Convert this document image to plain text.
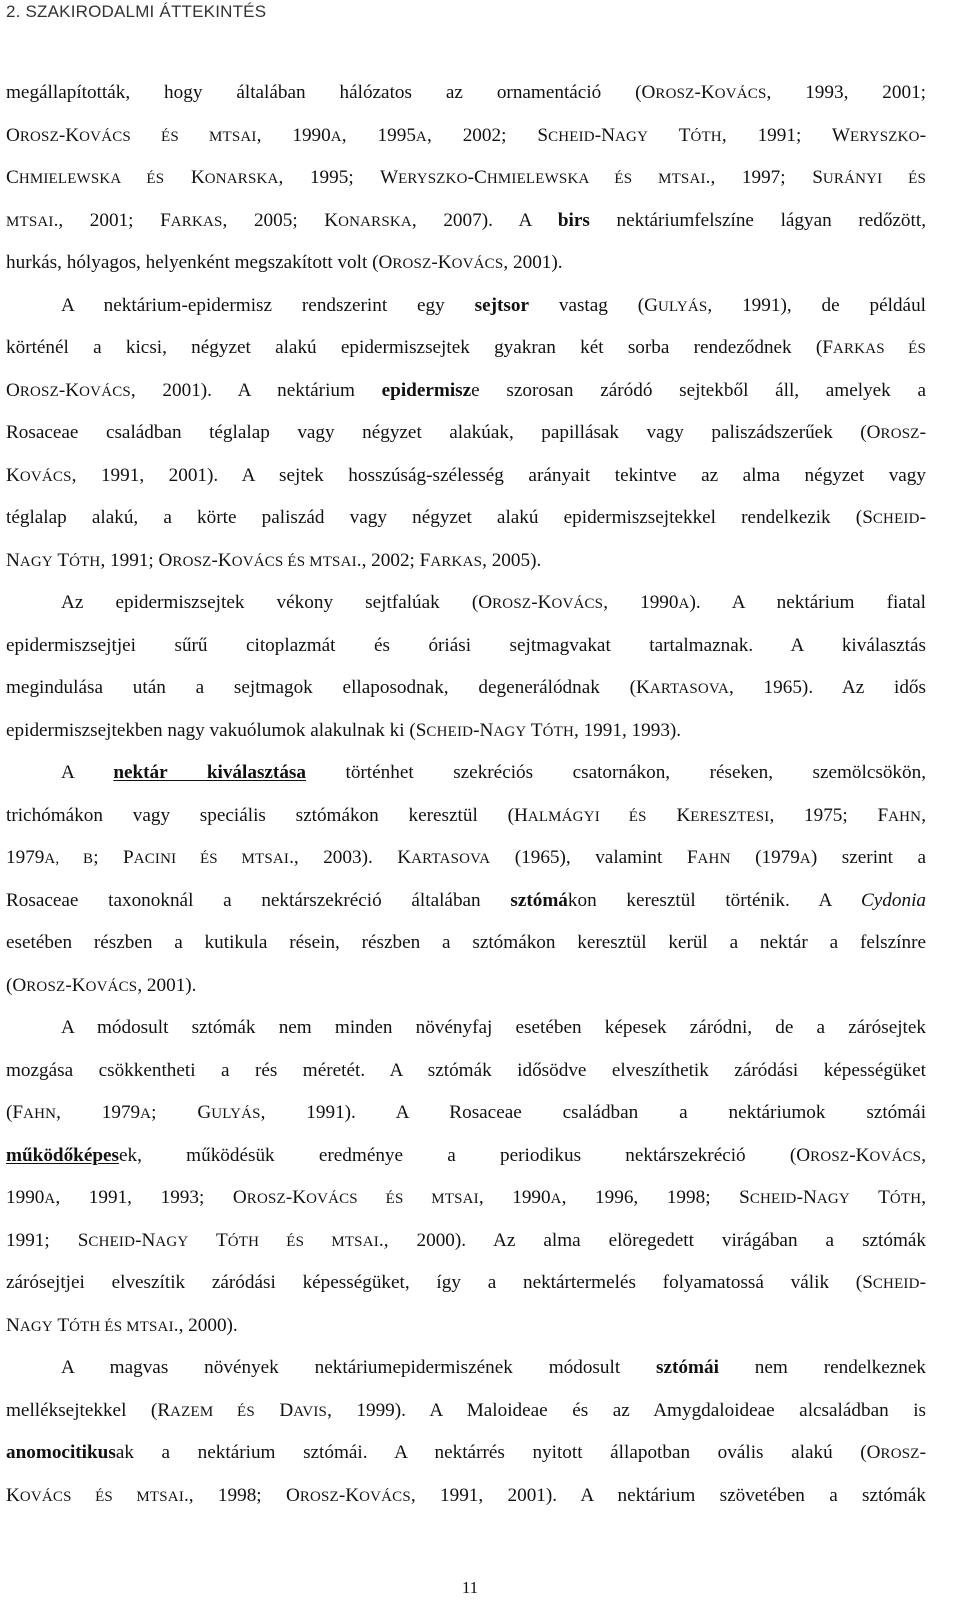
2. SZAKIRODALMI ÁTTEKINTÉS
megállapították, hogy általában hálózatos az ornamentáció (OROSZ-KOVÁCS, 1993, 2001;
OROSZ-KOVÁCS ÉS MTSAI, 1990A, 1995A, 2002; SCHEID-NAGY TÓTH, 1991; WERYSZKO-
CHMIELEWSKA ÉS KONARSKA, 1995; WERYSZKO-CHMIELEWSKA ÉS MTSAI., 1997; SURÁNYI ÉS
MTSAI., 2001; FARKAS, 2005; KONARSKA, 2007). A birs nektáriumfelszíne lágyan redőzött,
hurkás, hólyagos, helyenként megszakított volt (OROSZ-KOVÁCS, 2001).
A nektárium-epidermisz rendszerint egy sejtsor vastag (GULYÁS, 1991), de például
körténél a kicsi, négyzet alakú epidermiszsejtek gyakran két sorba rendeződnek (FARKAS ÉS
OROSZ-KOVÁCS, 2001). A nektárium epidermisze szorosan záródó sejtekből áll, amelyek a
Rosaceae családban téglalap vagy négyzet alakúak, papillásak vagy paliszádszerűek (OROSZ-
KOVÁCS, 1991, 2001). A sejtek hosszúság-szélesség arányait tekintve az alma négyzet vagy
téglalap alakú, a körte paliszád vagy négyzet alakú epidermiszsejtekkel rendelkezik (SCHEID-
NAGY TÓTH, 1991; OROSZ-KOVÁCS ÉS MTSAI., 2002; FARKAS, 2005).
Az epidermiszsejtek vékony sejtfalúak (OROSZ-KOVÁCS, 1990A). A nektárium fiatal
epidermiszsejtjei sűrű citoplazmát és óriási sejtmagvakat tartalmaznak. A kiválasztás
megindulása után a sejtmagok ellaposodnak, degenerálódnak (KARTASOVA, 1965). Az idős
epidermiszsejtekben nagy vakuólumok alakulnak ki (SCHEID-NAGY TÓTH, 1991, 1993).
A nektár kiválasztása történhet szekréciós csatornákon, réseken, szemölcsökön,
trichómákon vagy speciális sztómákon keresztül (HALMÁGYI ÉS KERESZTESI, 1975; FAHN,
1979A, B; PACINI ÉS MTSAI., 2003). KARTASOVA (1965), valamint FAHN (1979A) szerint a
Rosaceae taxonoknál a nektárszekréció általában sztómákon keresztül történik. A Cydonia
esetében részben a kutikula résein, részben a sztómákon keresztül kerül a nektár a felszínre
(OROSZ-KOVÁCS, 2001).
A módosult sztómák nem minden növényfaj esetében képesek záródni, de a zárósejtek
mozgása csökkentheti a rés méretét. A sztómák idősödve elveszíthetik záródási képességüket
(FAHN, 1979A; GULYÁS, 1991). A Rosaceae családban a nektáriumok sztómái
működőképesek, működésük eredménye a periodikus nektárszekréció (OROSZ-KOVÁCS,
1990A, 1991, 1993; OROSZ-KOVÁCS ÉS MTSAI, 1990A, 1996, 1998; SCHEID-NAGY TÓTH,
1991; SCHEID-NAGY TÓTH ÉS MTSAI., 2000). Az alma elöregedett virágában a sztómák
zárósejtjei elveszítik záródási képességüket, így a nektártermelés folyamatossá válik (SCHEID-
NAGY TÓTH ÉS MTSAI., 2000).
A magvas növények nektáriumepidermiszének módosult sztómái nem rendelkeznek
melléksejtekkel (RAZEM ÉS DAVIS, 1999). A Maloideae és az Amygdaloideae alcsaládban is
anomocitikusak a nektárium sztómái. A nektárrés nyitott állapotban ovális alakú (OROSZ-
KOVÁCS ÉS MTSAI., 1998; OROSZ-KOVÁCS, 1991, 2001). A nektárium szövetében a sztómák
11
